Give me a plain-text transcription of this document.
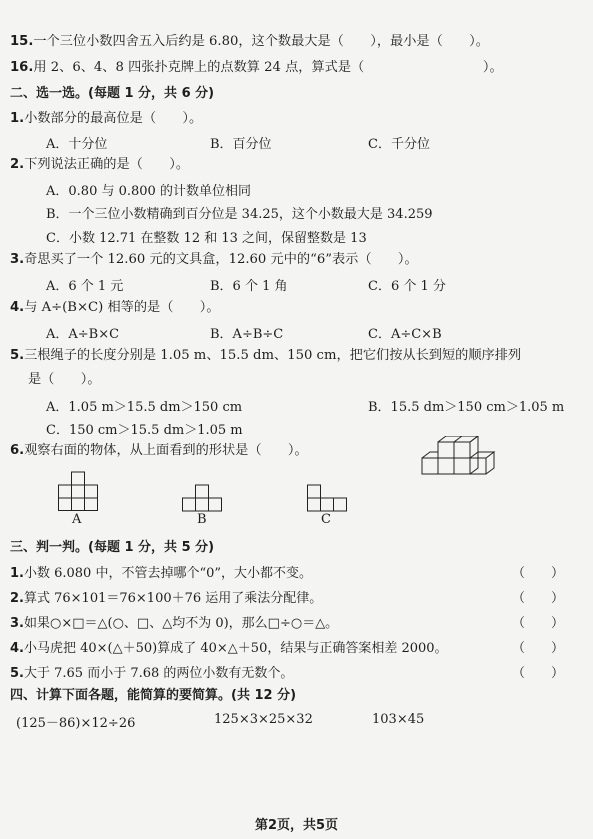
15.一个三位小数四舍五入后约是 6.80，这个数最大是（　　），最小是（　　）。
16.用 2、6、4、8 四张扑克牌上的点数算 24 点，算式是（　　　　　　　　　）。
二、选一选。(每题 1 分，共 6 分)
1.小数部分的最高位是（　　）。
A．十分位	B．百分位	C．千分位
2.下列说法正确的是（　　）。
A．0.80 与 0.800 的计数单位相同
B．一个三位小数精确到百分位是 34.25，这个小数最大是 34.259
C．小数 12.71 在整数 12 和 13 之间，保留整数是 13
3.奇思买了一个 12.60 元的文具盒，12.60 元中的“6”表示（　　）。
A．6 个 1 元	B．6 个 1 角	C．6 个 1 分
4.与 A÷(B×C) 相等的是（　　）。
A．A÷B×C	B．A÷B÷C	C．A÷C×B
5.三根绳子的长度分别是 1.05 m、15.5 dm、150 cm，把它们按从长到短的顺序排列
是（　　）。
A．1.05 m＞15.5 dm＞150 cm	B．15.5 dm＞150 cm＞1.05 m
C．150 cm＞15.5 dm＞1.05 m
6.观察右面的物体，从上面看到的形状是（　　）。
A	B	C
三、判一判。(每题 1 分，共 5 分)
1.小数 6.080 中，不管去掉哪个“0”，大小都不变。	（　　）
2.算式 76×101＝76×100＋76 运用了乘法分配律。	（　　）
3.如果○×□＝△(○、□、△均不为 0)，那么□÷○＝△。	（　　）
4.小马虎把 40×(△＋50)算成了 40×△＋50，结果与正确答案相差 2000。	（　　）
5.大于 7.65 而小于 7.68 的两位小数有无数个。	（　　）
四、计算下面各题，能简算的要简算。(共 12 分)
(125－86)×12÷26	125×3×25×32	103×45
第2页，共5页
